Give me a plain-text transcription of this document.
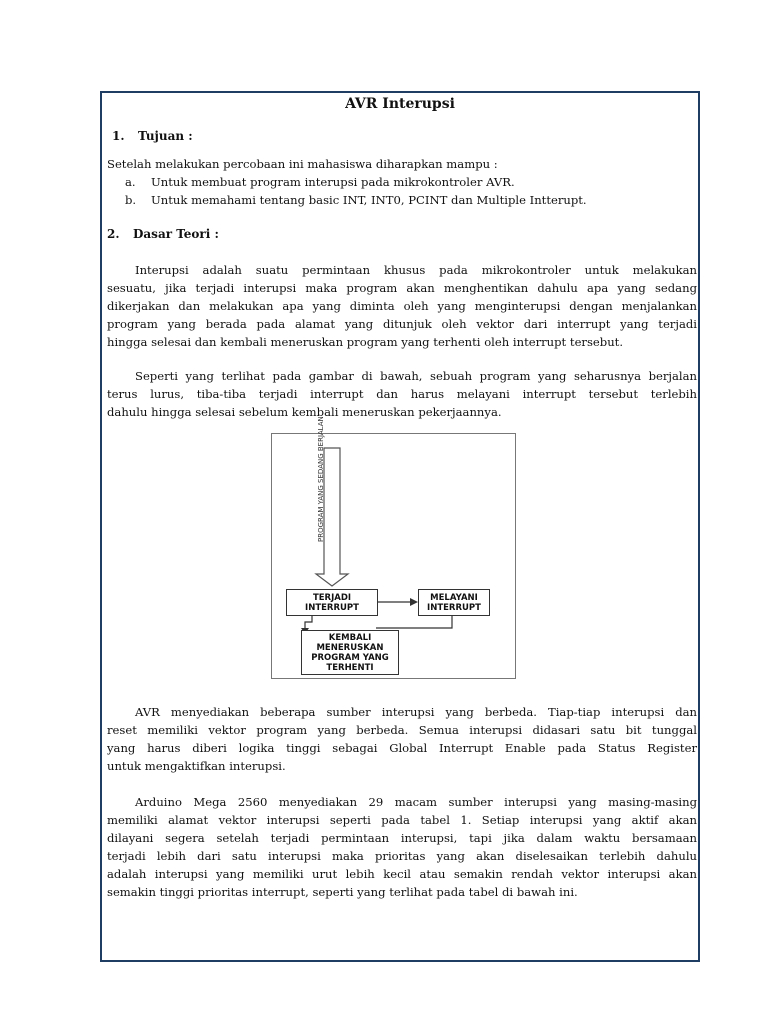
AVR Interupsi
1. Tujuan :
Setelah melakukan percobaan ini mahasiswa diharapkan mampu :
a. Untuk membuat program interupsi pada mikrokontroler AVR.
b. Untuk memahami tentang basic INT, INT0, PCINT dan Multiple Intterupt.
2. Dasar Teori :
Interupsi adalah suatu permintaan khusus pada mikrokontroler untuk melakukan
sesuatu, jika terjadi interupsi maka program akan menghentikan dahulu apa yang sedang
dikerjakan dan melakukan apa yang diminta oleh yang menginterupsi dengan menjalankan
program yang berada pada alamat yang ditunjuk oleh vektor dari interrupt yang terjadi
hingga selesai dan kembali meneruskan program yang terhenti oleh interrupt tersebut.
Seperti yang terlihat pada gambar di bawah, sebuah program yang seharusnya berjalan
terus lurus, tiba-tiba terjadi interrupt dan harus melayani interrupt tersebut terlebih
dahulu hingga selesai sebelum kembali meneruskan pekerjaannya.
PROGRAM YANG SEDANG BERJALAN
TERJADI
INTERRUPT
MELAYANI
INTERRUPT
KEMBALI
MENERUSKAN
PROGRAM YANG
TERHENTI
AVR menyediakan beberapa sumber interupsi yang berbeda. Tiap-tiap interupsi dan
reset memiliki vektor program yang berbeda. Semua interupsi didasari satu bit tunggal
yang harus diberi logika tinggi sebagai Global Interrupt Enable pada Status Register
untuk mengaktifkan interupsi.
Arduino Mega 2560 menyediakan 29 macam sumber interupsi yang masing-masing
memiliki alamat vektor interupsi seperti pada tabel 1. Setiap interupsi yang aktif akan
dilayani segera setelah terjadi permintaan interupsi, tapi jika dalam waktu bersamaan
terjadi lebih dari satu interupsi maka prioritas yang akan diselesaikan terlebih dahulu
adalah interupsi yang memiliki urut lebih kecil atau semakin rendah vektor interupsi akan
semakin tinggi prioritas interrupt, seperti yang terlihat pada tabel di bawah ini.
